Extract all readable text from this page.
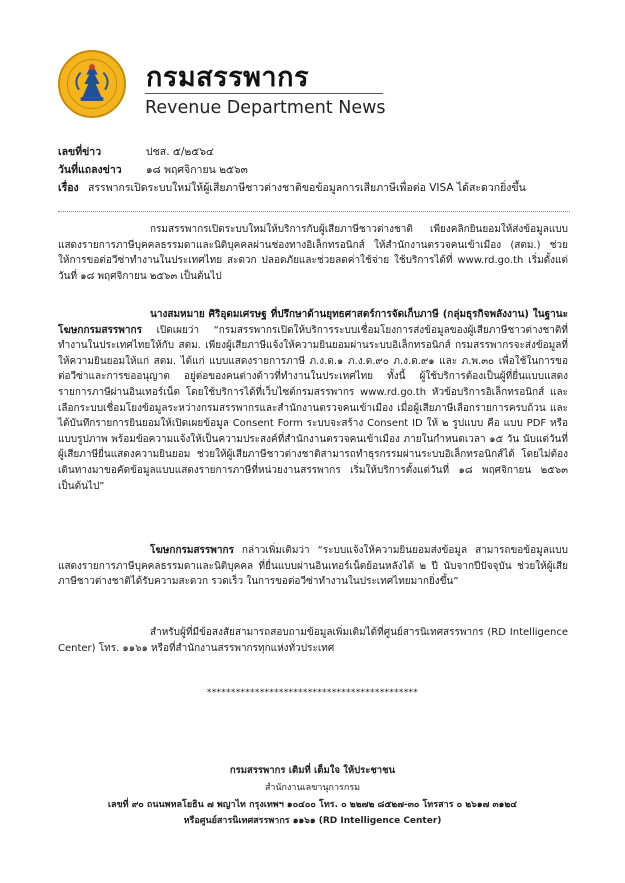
กรมสรรพากร
Revenue Department News
เลขที่ข่าว	ปชส. ๕/๒๕๖๔
วันที่แถลงข่าว ๑๘ พฤศจิกายน ๒๕๖๓
เรื่อง สรรพากรเปิดระบบใหม่ให้ผู้เสียภาษีชาวต่างชาติขอข้อมูลการเสียภาษีเพื่อต่อ VISA ได้สะดวกยิ่งขึ้น
กรมสรรพากรเปิดระบบใหม่ให้บริการกับผู้เสียภาษีชาวต่างชาติ เพียงคลิกยินยอมให้ส่งข้อมูลแบบแสดงรายการภาษีบุคคลธรรมดาและนิติบุคคลผ่านช่องทางอิเล็กทรอนิกส์ ให้สำนักงานตรวจคนเข้าเมือง (สตม.) ช่วยให้การขอต่อวีซ่าทำงานในประเทศไทย สะดวก ปลอดภัยและช่วยลดค่าใช้จ่าย ใช้บริการได้ที่ www.rd.go.th เริ่มตั้งแต่วันที่ ๑๘ พฤศจิกายน ๒๕๖๓ เป็นต้นไป
นางสมหมาย ศิริอุดมเศรษฐ ที่ปรึกษาด้านยุทธศาสตร์การจัดเก็บภาษี (กลุ่มธุรกิจพลังงาน) ในฐานะโฆษกกรมสรรพากร เปิดเผยว่า “กรมสรรพากรเปิดให้บริการระบบเชื่อมโยงการส่งข้อมูลของผู้เสียภาษีชาวต่างชาติที่ทำงานในประเทศไทยให้กับ สตม. เพียงผู้เสียภาษีแจ้งให้ความยินยอมผ่านระบบอิเล็กทรอนิกส์ กรมสรรพากรจะส่งข้อมูลที่ให้ความยินยอมให้แก่ สตม. ได้แก่ แบบแสดงรายการภาษี ภ.ง.ด.๑ ภ.ง.ด.๙๐ ภ.ง.ด.๙๑ และ ภ.พ.๓๐ เพื่อใช้ในการขอต่อวีซ่าและการขออนุญาต อยู่ต่อของคนต่างด้าวที่ทำงานในประเทศไทย ทั้งนี้ ผู้ใช้บริการต้องเป็นผู้ที่ยื่นแบบแสดงรายการภาษีผ่านอินเทอร์เน็ต โดยใช้บริการได้ที่เว็บไซต์กรมสรรพากร www.rd.go.th หัวข้อบริการอิเล็กทรอนิกส์ และเลือกระบบเชื่อมโยงข้อมูลระหว่างกรมสรรพากรและสำนักงานตรวจคนเข้าเมือง เมื่อผู้เสียภาษีเลือกรายการครบถ้วน และได้บันทึกรายการยินยอมให้เปิดเผยข้อมูล Consent Form ระบบจะสร้าง Consent ID ให้ ๒ รูปแบบ คือ แบบ PDF หรือแบบรูปภาพ พร้อมข้อความแจ้งให้เป็นความประสงค์ที่สำนักงานตรวจคนเข้าเมือง ภายในกำหนดเวลา ๑๕ วัน นับแต่วันที่ผู้เสียภาษียื่นแสดงความยินยอม ช่วยให้ผู้เสียภาษีชาวต่างชาติสามารถทำธุรกรรมผ่านระบบอิเล็กทรอนิกส์ได้ โดยไม่ต้องเดินทางมาขอคัดข้อมูลแบบแสดงรายการภาษีที่หน่วยงานสรรพากร เริ่มให้บริการตั้งแต่วันที่ ๑๘ พฤศจิกายน ๒๕๖๓ เป็นต้นไป”
โฆษกกรมสรรพากร กล่าวเพิ่มเติมว่า “ระบบแจ้งให้ความยินยอมส่งข้อมูล สามารถขอข้อมูลแบบแสดงรายการภาษีบุคคลธรรมดาและนิติบุคคล ที่ยื่นแบบผ่านอินเทอร์เน็ตย้อนหลังได้ ๒ ปี นับจากปีปัจจุบัน ช่วยให้ผู้เสียภาษีชาวต่างชาติได้รับความสะดวก รวดเร็ว ในการขอต่อวีซ่าทำงานในประเทศไทยมากยิ่งขึ้น”
สำหรับผู้ที่มีข้อสงสัยสามารถสอบถามข้อมูลเพิ่มเติมได้ที่ศูนย์สารนิเทศสรรพากร (RD Intelligence Center) โทร. ๑๑๖๑ หรือที่สำนักงานสรรพากรทุกแห่งทั่วประเทศ
********************************************
กรมสรรพากร เติมที่ เต็มใจ ให้ประชาชน
สำนักงานเลขานุการกรม
เลขที่ ๙๐ ถนนพหลโยธิน ๗ พญาไท กรุงเทพฯ ๑๐๔๐๐ โทร. ๐ ๒๒๗๒ ๘๕๒๗-๓๐ โทรสาร ๐ ๒๖๑๗ ๓๑๒๔
หรือศูนย์สารนิเทศสรรพากร ๑๑๖๑ (RD Intelligence Center)
